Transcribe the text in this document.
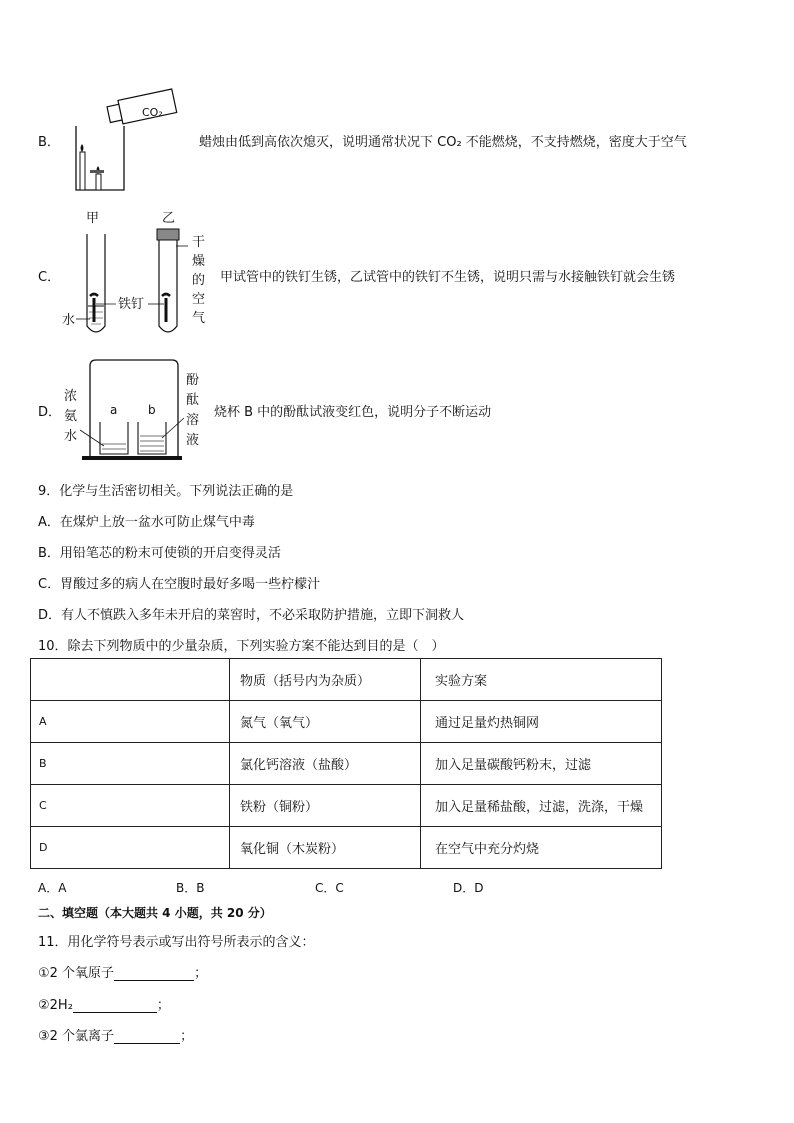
B．
CO₂
蜡烛由低到高依次熄灭，说明通常状况下 CO₂ 不能燃烧，不支持燃烧，密度大于空气
C．
甲	乙
铁钉
水
干
燥
的
空
气
甲试管中的铁钉生锈，乙试管中的铁钉不生锈，说明只需与水接触铁钉就会生锈
D．	a	b
浓
氨
水
酚
酞
溶
液
烧杯 B 中的酚酞试液变红色，说明分子不断运动
9．化学与生活密切相关。下列说法正确的是
A．在煤炉上放一盆水可防止煤气中毒
B．用铅笔芯的粉末可使锁的开启变得灵活
C．胃酸过多的病人在空腹时最好多喝一些柠檬汁
D．有人不慎跌入多年未开启的菜窖时，不必采取防护措施，立即下洞救人
10．除去下列物质中的少量杂质，下列实验方案不能达到目的是（　）
	物质（括号内为杂质）	实验方案
A	氮气（氧气）	通过足量灼热铜网
B	氯化钙溶液（盐酸）	加入足量碳酸钙粉末，过滤
C	铁粉（铜粉）	加入足量稀盐酸，过滤，洗涤，干燥
D	氧化铜（木炭粉）	在空气中充分灼烧
A．A	B．B	C．C	D．D
二、填空题（本大题共 4 小题，共 20 分）
11．用化学符号表示或写出符号所表示的含义：
①2 个氧原子	；
②2H₂	；
③2 个氯离子	；
